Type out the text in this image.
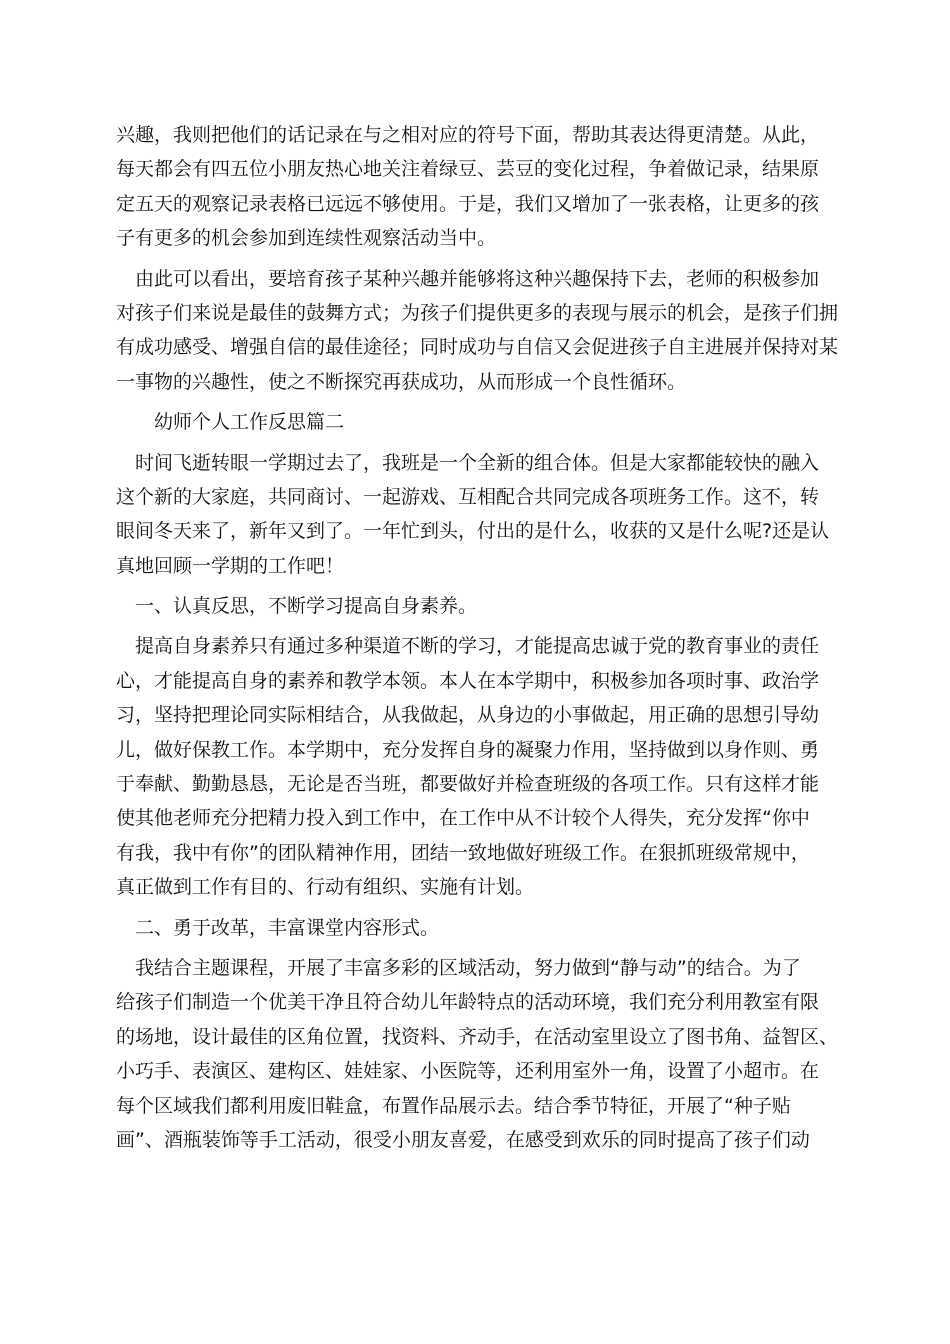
兴趣，我则把他们的话记录在与之相对应的符号下面，帮助其表达得更清楚。从此，
每天都会有四五位小朋友热心地关注着绿豆、芸豆的变化过程，争着做记录，结果原
定五天的观察记录表格已远远不够使用。于是，我们又增加了一张表格，让更多的孩
子有更多的机会参加到连续性观察活动当中。
　由此可以看出，要培育孩子某种兴趣并能够将这种兴趣保持下去，老师的积极参加
对孩子们来说是最佳的鼓舞方式；为孩子们提供更多的表现与展示的机会，是孩子们拥
有成功感受、增强自信的最佳途径；同时成功与自信又会促进孩子自主进展并保持对某
一事物的兴趣性，使之不断探究再获成功，从而形成一个良性循环。
　　幼师个人工作反思篇二
　时间飞逝转眼一学期过去了，我班是一个全新的组合体。但是大家都能较快的融入
这个新的大家庭，共同商讨、一起游戏、互相配合共同完成各项班务工作。这不，转
眼间冬天来了，新年又到了。一年忙到头，付出的是什么，收获的又是什么呢?还是认
真地回顾一学期的工作吧！
　一、认真反思，不断学习提高自身素养。
　提高自身素养只有通过多种渠道不断的学习，才能提高忠诚于党的教育事业的责任
心，才能提高自身的素养和教学本领。本人在本学期中，积极参加各项时事、政治学
习，坚持把理论同实际相结合，从我做起，从身边的小事做起，用正确的思想引导幼
儿，做好保教工作。本学期中，充分发挥自身的凝聚力作用，坚持做到以身作则、勇
于奉献、勤勤恳恳，无论是否当班，都要做好并检查班级的各项工作。只有这样才能
使其他老师充分把精力投入到工作中，在工作中从不计较个人得失，充分发挥“你中
有我，我中有你”的团队精神作用，团结一致地做好班级工作。在狠抓班级常规中，
真正做到工作有目的、行动有组织、实施有计划。
　二、勇于改革，丰富课堂内容形式。
　我结合主题课程，开展了丰富多彩的区域活动，努力做到“静与动”的结合。为了
给孩子们制造一个优美干净且符合幼儿年龄特点的活动环境，我们充分利用教室有限
的场地，设计最佳的区角位置，找资料、齐动手，在活动室里设立了图书角、益智区、
小巧手、表演区、建构区、娃娃家、小医院等，还利用室外一角，设置了小超市。在
每个区域我们都利用废旧鞋盒，布置作品展示去。结合季节特征，开展了“种子贴
画”、酒瓶装饰等手工活动，很受小朋友喜爱，在感受到欢乐的同时提高了孩子们动
